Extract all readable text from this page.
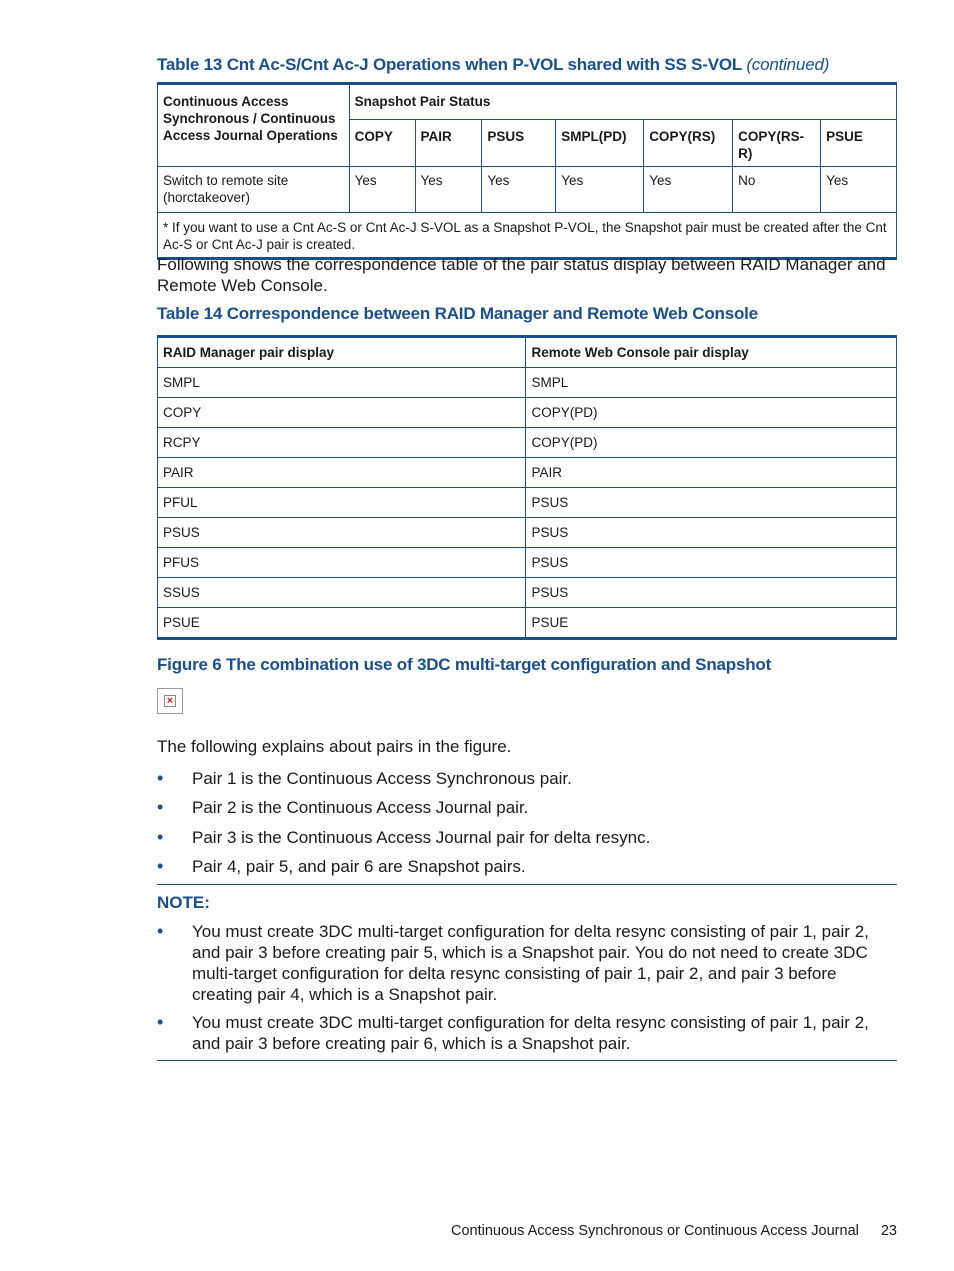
Table 13 Cnt Ac-S/Cnt Ac-J Operations when P-VOL shared with SS S-VOL (continued)
Continuous Access Synchronous / Continuous Access Journal Operations	Snapshot Pair Status						
	COPY	PAIR	PSUS	SMPL(PD)	COPY(RS)	COPY(RS-R)	PSUE
Switch to remote site (horctakeover)	Yes	Yes	Yes	Yes	Yes	No	Yes
* If you want to use a Cnt Ac-S or Cnt Ac-J S-VOL as a Snapshot P-VOL, the Snapshot pair must be created after the Cnt Ac-S or Cnt Ac-J pair is created.							
Following shows the correspondence table of the pair status display between RAID Manager and Remote Web Console.
Table 14 Correspondence between RAID Manager and Remote Web Console
RAID Manager pair display	Remote Web Console pair display
SMPL	SMPL
COPY	COPY(PD)
RCPY	COPY(PD)
PAIR	PAIR
PFUL	PSUS
PSUS	PSUS
PFUS	PSUS
SSUS	PSUS
PSUE	PSUE
Figure 6 The combination use of 3DC multi-target configuration and Snapshot
×
The following explains about pairs in the figure.
• Pair 1 is the Continuous Access Synchronous pair.
• Pair 2 is the Continuous Access Journal pair.
• Pair 3 is the Continuous Access Journal pair for delta resync.
• Pair 4, pair 5, and pair 6 are Snapshot pairs.
NOTE:
• You must create 3DC multi-target configuration for delta resync consisting of pair 1, pair 2, and pair 3 before creating pair 5, which is a Snapshot pair. You do not need to create 3DC multi-target configuration for delta resync consisting of pair 1, pair 2, and pair 3 before creating pair 4, which is a Snapshot pair.
• You must create 3DC multi-target configuration for delta resync consisting of pair 1, pair 2, and pair 3 before creating pair 6, which is a Snapshot pair.
Continuous Access Synchronous or Continuous Access Journal 23
